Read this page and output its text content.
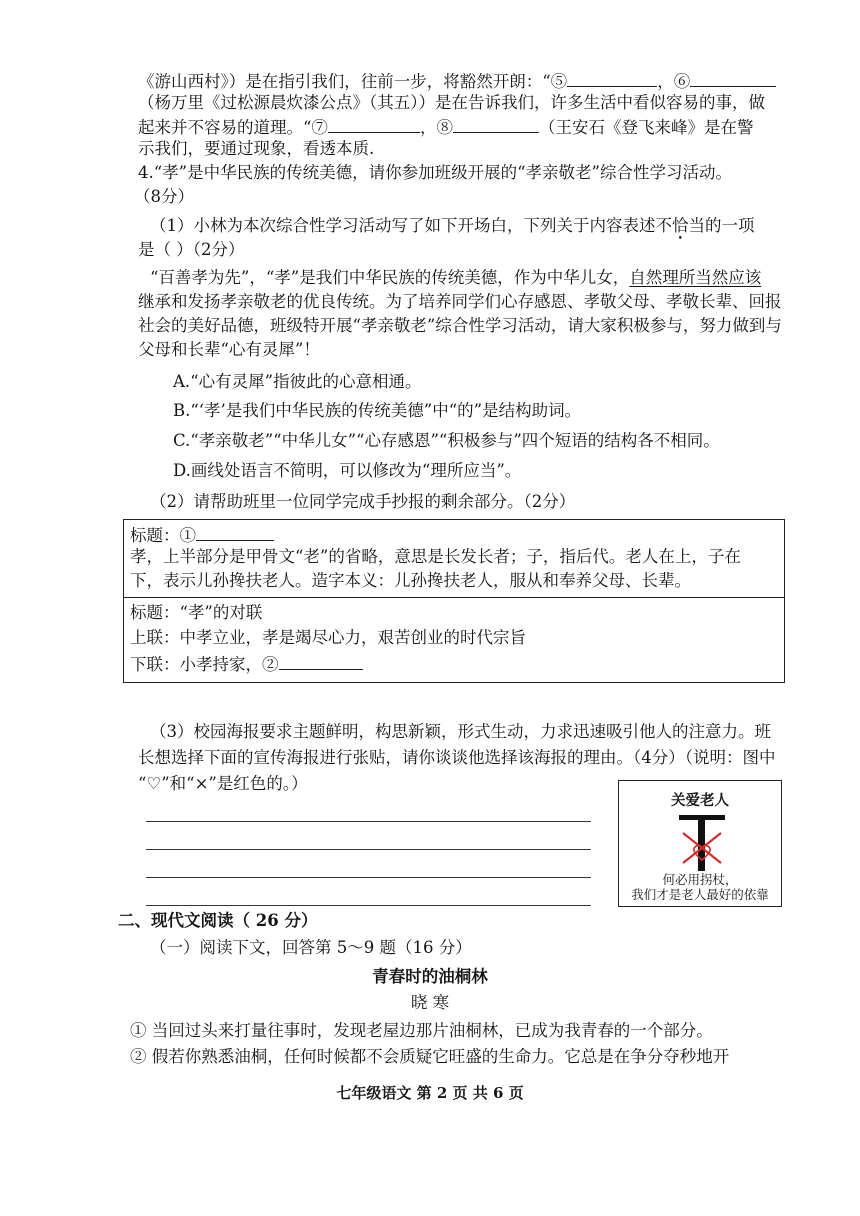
《游山西村》）是在指引我们，往前一步，将豁然开朗：“⑤	，⑥
（杨万里《过松源晨炊漆公点》（其五））是在告诉我们，许多生活中看似容易的事，做
起来并不容易的道理。“⑦	，⑧	（王安石《登飞来峰》是在警
示我们，要通过现象，看透本质.
4.“孝”是中华民族的传统美德，请你参加班级开展的“孝亲敬老”综合性学习活动。
（8分）
（1）小林为本次综合性学习活动写了如下开场白，下列关于内容表述不恰当的一项
是（ ）（2分）
“百善孝为先”，“孝”是我们中华民族的传统美德，作为中华儿女，自然理所当然应该
继承和发扬孝亲敬老的优良传统。为了培养同学们心存感恩、孝敬父母、孝敬长辈、回报
社会的美好品德，班级特开展“孝亲敬老”综合性学习活动，请大家积极参与，努力做到与
父母和长辈“心有灵犀”！
A.“心有灵犀”指彼此的心意相通。
B.“‘孝’是我们中华民族的传统美德”中“的”是结构助词。
C.“孝亲敬老”“中华儿女”“心存感恩”“积极参与”四个短语的结构各不相同。
D.画线处语言不简明，可以修改为“理所应当”。
（2）请帮助班里一位同学完成手抄报的剩余部分。（2分）
标题：①
孝，上半部分是甲骨文“老”的省略，意思是长发长者；子，指后代。老人在上，子在
下，表示儿孙搀扶老人。造字本义：儿孙搀扶老人，服从和奉养父母、长辈。
标题：“孝”的对联
上联：中孝立业，孝是竭尽心力，艰苦创业的时代宗旨
下联：小孝持家，②
（3）校园海报要求主题鲜明，构思新颖，形式生动，力求迅速吸引他人的注意力。班
长想选择下面的宣传海报进行张贴，请你谈谈他选择该海报的理由。（4分）（说明：图中
“♡”和“×”是红色的。）
关爱老人
何必用拐杖，
我们才是老人最好的依靠
二、现代文阅读（ 26 分）
（一）阅读下文，回答第 5～9 题（16 分）
青春时的油桐林
晓 寒
① 当回过头来打量往事时，发现老屋边那片油桐林，已成为我青春的一个部分。
② 假若你熟悉油桐，任何时候都不会质疑它旺盛的生命力。它总是在争分夺秒地开
七年级语文 第 2 页 共 6 页
